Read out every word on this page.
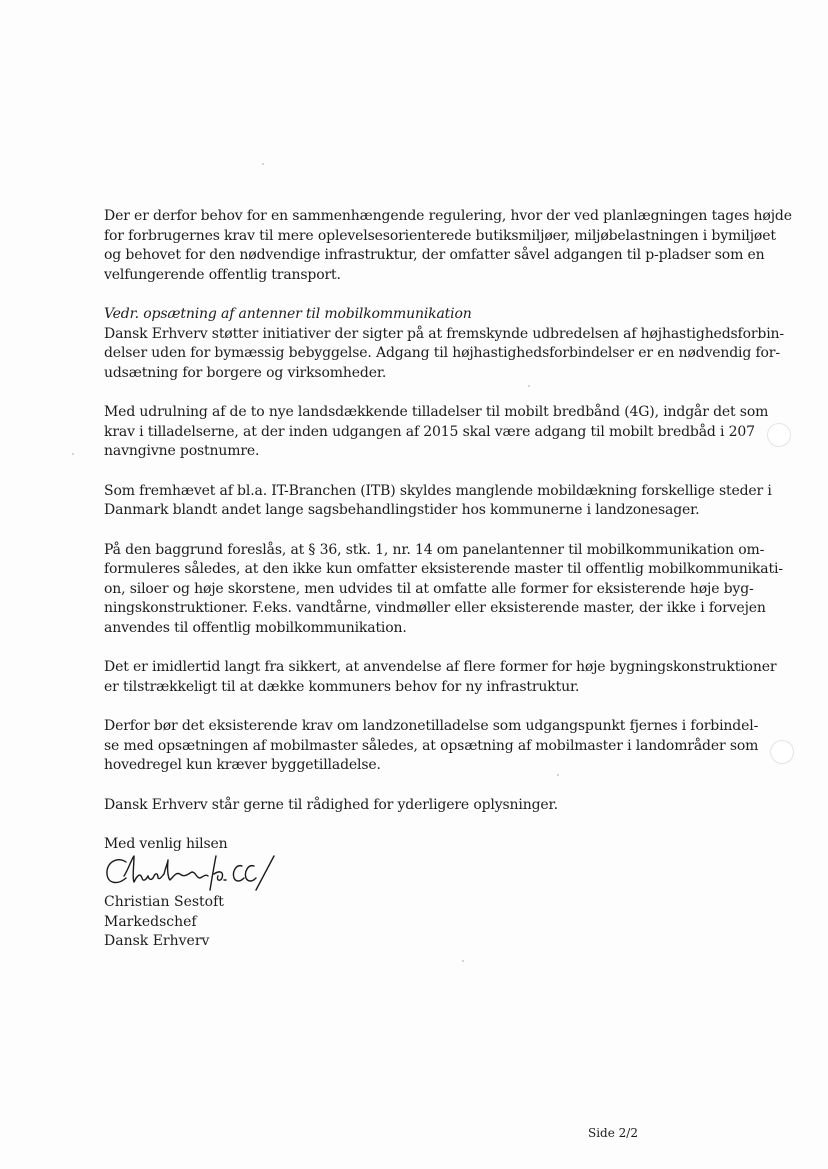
Der er derfor behov for en sammenhængende regulering, hvor der ved planlægningen tages højde
for forbrugernes krav til mere oplevelsesorienterede butiksmiljøer, miljøbelastningen i bymiljøet
og behovet for den nødvendige infrastruktur, der omfatter såvel adgangen til p-pladser som en
velfungerende offentlig transport.

Vedr. opsætning af antenner til mobilkommunikation
Dansk Erhverv støtter initiativer der sigter på at fremskynde udbredelsen af højhastighedsforbin-
delser uden for bymæssig bebyggelse. Adgang til højhastighedsforbindelser er en nødvendig for-
udsætning for borgere og virksomheder.

Med udrulning af de to nye landsdækkende tilladelser til mobilt bredbånd (4G), indgår det som
krav i tilladelserne, at der inden udgangen af 2015 skal være adgang til mobilt bredbåd i 207
navngivne postnumre.

Som fremhævet af bl.a. IT-Branchen (ITB) skyldes manglende mobildækning forskellige steder i
Danmark blandt andet lange sagsbehandlingstider hos kommunerne i landzonesager.

På den baggrund foreslås, at § 36, stk. 1, nr. 14 om panelantenner til mobilkommunikation om-
formuleres således, at den ikke kun omfatter eksisterende master til offentlig mobilkommunikati-
on, siloer og høje skorstene, men udvides til at omfatte alle former for eksisterende høje byg-
ningskonstruktioner. F.eks. vandtårne, vindmøller eller eksisterende master, der ikke i forvejen
anvendes til offentlig mobilkommunikation.

Det er imidlertid langt fra sikkert, at anvendelse af flere former for høje bygningskonstruktioner
er tilstrækkeligt til at dække kommuners behov for ny infrastruktur.

Derfor bør det eksisterende krav om landzonetilladelse som udgangspunkt fjernes i forbindel-
se med opsætningen af mobilmaster således, at opsætning af mobilmaster i landområder som
hovedregel kun kræver byggetilladelse.

Dansk Erhverv står gerne til rådighed for yderligere oplysninger.

Med venlig hilsen

Christian Sestoft
Markedschef
Dansk Erhverv
Side 2/2
